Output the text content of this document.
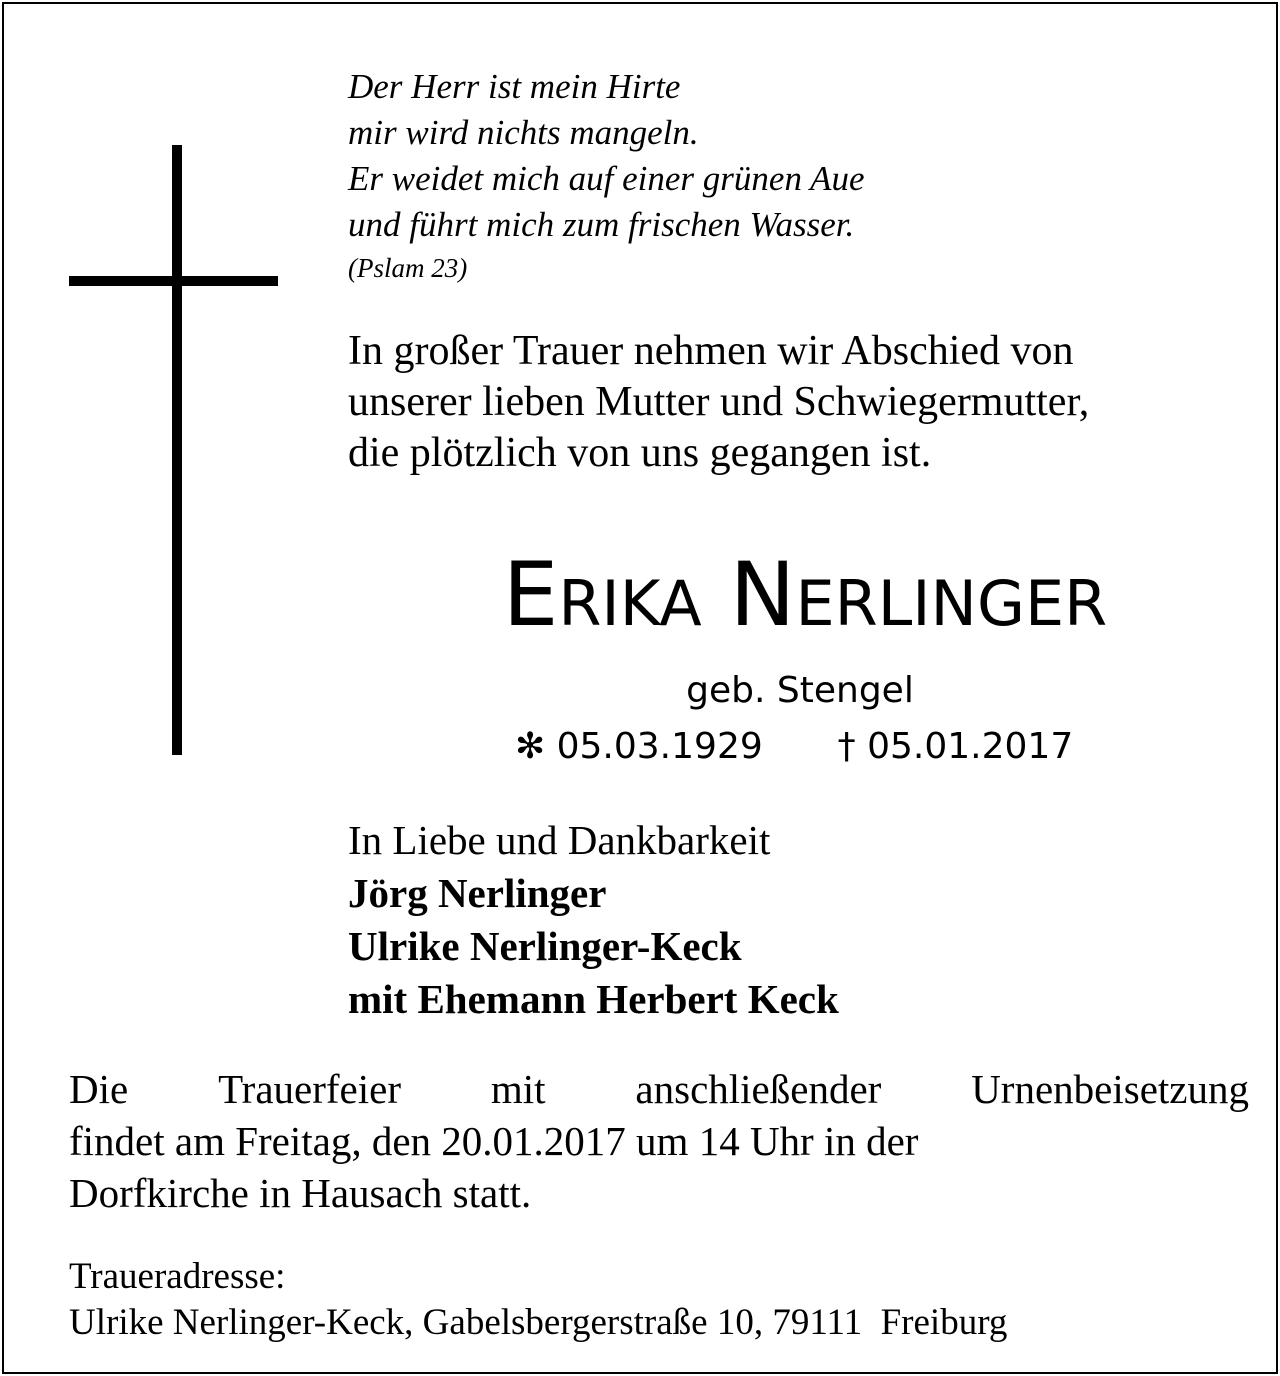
Der Herr ist mein Hirte
mir wird nichts mangeln.
Er weidet mich auf einer grünen Aue
und führt mich zum frischen Wasser.
(Pslam 23)
In großer Trauer nehmen wir Abschied von
unserer lieben Mutter und Schwiegermutter,
die plötzlich von uns gegangen ist.
Erika Nerlinger
geb. Stengel
✻ 05.03.1929 † 05.01.2017
In Liebe und Dankbarkeit
Jörg Nerlinger
Ulrike Nerlinger-Keck
mit Ehemann Herbert Keck
Die Trauerfeier mit anschließender Urnenbeisetzung
findet am Freitag, den 20.01.2017 um 14 Uhr in der
Dorfkirche in Hausach statt.
Traueradresse:
Ulrike Nerlinger-Keck, Gabelsbergerstraße 10, 79111  Freiburg
